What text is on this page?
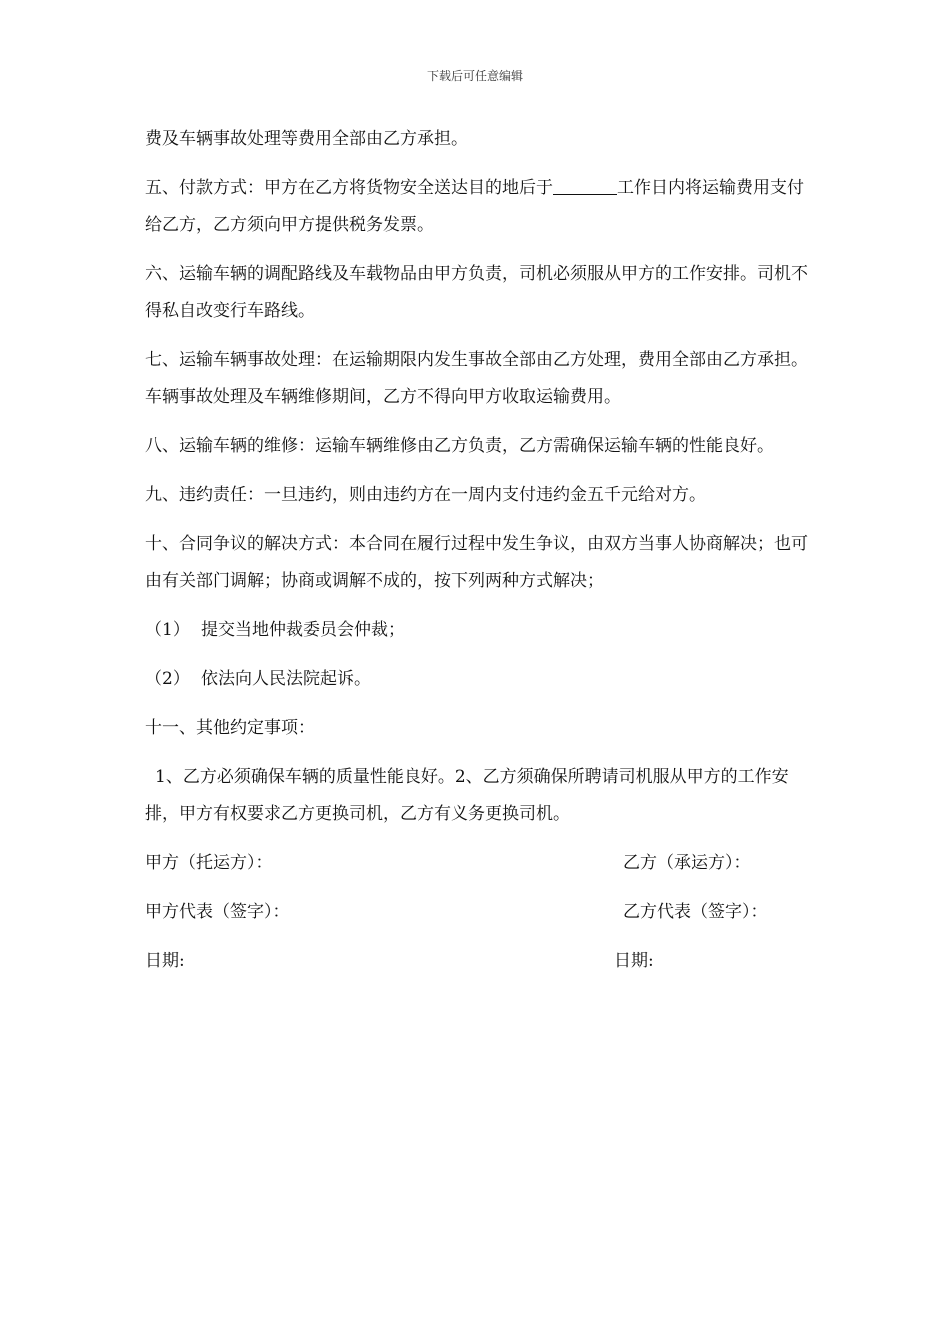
下载后可任意编辑

费及车辆事故处理等费用全部由乙方承担。

五、付款方式：甲方在乙方将货物安全送达目的地后于	工作日内将运输费用支付给乙方，乙方须向甲方提供税务发票。

六、运输车辆的调配路线及车载物品由甲方负责，司机必须服从甲方的工作安排。司机不得私自改变行车路线。

七、运输车辆事故处理：在运输期限内发生事故全部由乙方处理，费用全部由乙方承担。车辆事故处理及车辆维修期间，乙方不得向甲方收取运输费用。

八、运输车辆的维修：运输车辆维修由乙方负责，乙方需确保运输车辆的性能良好。

九、违约责任：一旦违约，则由违约方在一周内支付违约金五千元给对方。

十、合同争议的解决方式：本合同在履行过程中发生争议，由双方当事人协商解决；也可由有关部门调解；协商或调解不成的，按下列两种方式解决；

（1） 提交当地仲裁委员会仲裁；
（2） 依法向人民法院起诉。

十一、其他约定事项：

1、乙方必须确保车辆的质量性能良好。2、乙方须确保所聘请司机服从甲方的工作安排，甲方有权要求乙方更换司机，乙方有义务更换司机。

甲方（托运方）：	乙方（承运方）：
甲方代表（签字）：	乙方代表（签字）：
日期:	日期:
